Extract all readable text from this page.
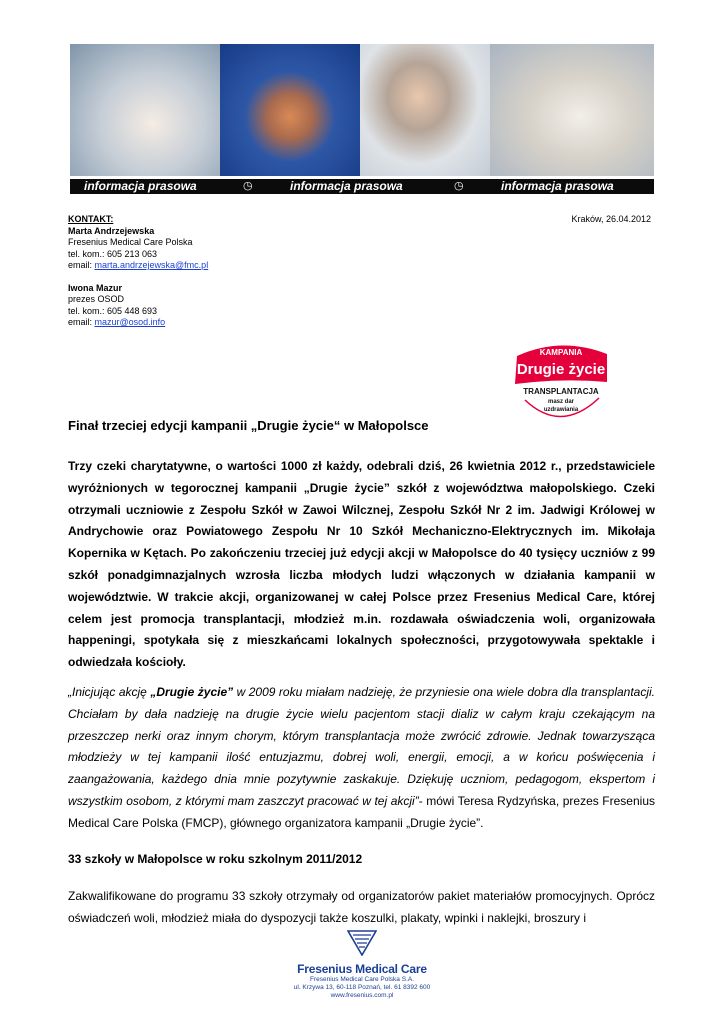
informacja prasowa	◷	informacja prasowa	◷	informacja prasowa
KONTAKT:
Marta Andrzejewska
Fresenius Medical Care Polska
tel. kom.: 605 213 063
email: marta.andrzejewska@fmc.pl
Iwona Mazur
prezes OSOD
tel. kom.: 605 448 693
email: mazur@osod.info
Kraków, 26.04.2012
KAMPANIA
Drugie życie
TRANSPLANTACJA
masz dar
uzdrawiania
Finał trzeciej edycji kampanii „Drugie życie“ w Małopolsce
Trzy czeki charytatywne, o wartości 1000 zł każdy, odebrali dziś, 26 kwietnia 2012 r., przedstawiciele wyróżnionych w tegorocznej kampanii „Drugie życie” szkół z województwa małopolskiego. Czeki otrzymali uczniowie z Zespołu Szkół w Zawoi Wilcznej, Zespołu Szkół Nr 2 im. Jadwigi Królowej w Andrychowie oraz Powiatowego Zespołu Nr 10 Szkół Mechaniczno-Elektrycznych im. Mikołaja Kopernika w Kętach. Po zakończeniu trzeciej już edycji akcji w Małopolsce do 40 tysięcy uczniów z 99 szkół ponadgimnazjalnych wzrosła liczba młodych ludzi włączonych w działania kampanii w województwie. W trakcie akcji, organizowanej w całej Polsce przez Fresenius Medical Care, której celem jest promocja transplantacji, młodzież m.in. rozdawała oświadczenia woli, organizowała happeningi, spotykała się z mieszkańcami lokalnych społeczności, przygotowywała spektakle i odwiedzała kościoły.
„Inicjując akcję „Drugie życie” w 2009 roku miałam nadzieję, że przyniesie ona wiele dobra dla transplantacji. Chciałam by dała nadzieję na drugie życie wielu pacjentom stacji dializ w całym kraju czekającym na przeszczep nerki oraz innym chorym, którym transplantacja może zwrócić zdrowie. Jednak towarzysząca młodzieży w tej kampanii ilość entuzjazmu, dobrej woli, energii, emocji, a w końcu poświęcenia i zaangażowania, każdego dnia mnie pozytywnie zaskakuje. Dziękuję uczniom, pedagogom, ekspertom i wszystkim osobom, z którymi mam zaszczyt pracować w tej akcji”- mówi Teresa Rydzyńska, prezes Fresenius Medical Care Polska (FMCP), głównego organizatora kampanii „Drugie życie”.
33 szkoły w Małopolsce w roku szkolnym 2011/2012
Zakwalifikowane do programu 33 szkoły otrzymały od organizatorów pakiet materiałów promocyjnych. Oprócz oświadczeń woli, młodzież miała do dyspozycji także koszulki, plakaty, wpinki i naklejki, broszury i
Fresenius Medical Care
Fresenius Medical Care Polska S.A.
ul. Krzywa 13, 60-118 Poznań, tel. 61 8392 600
www.fresenius.com.pl
